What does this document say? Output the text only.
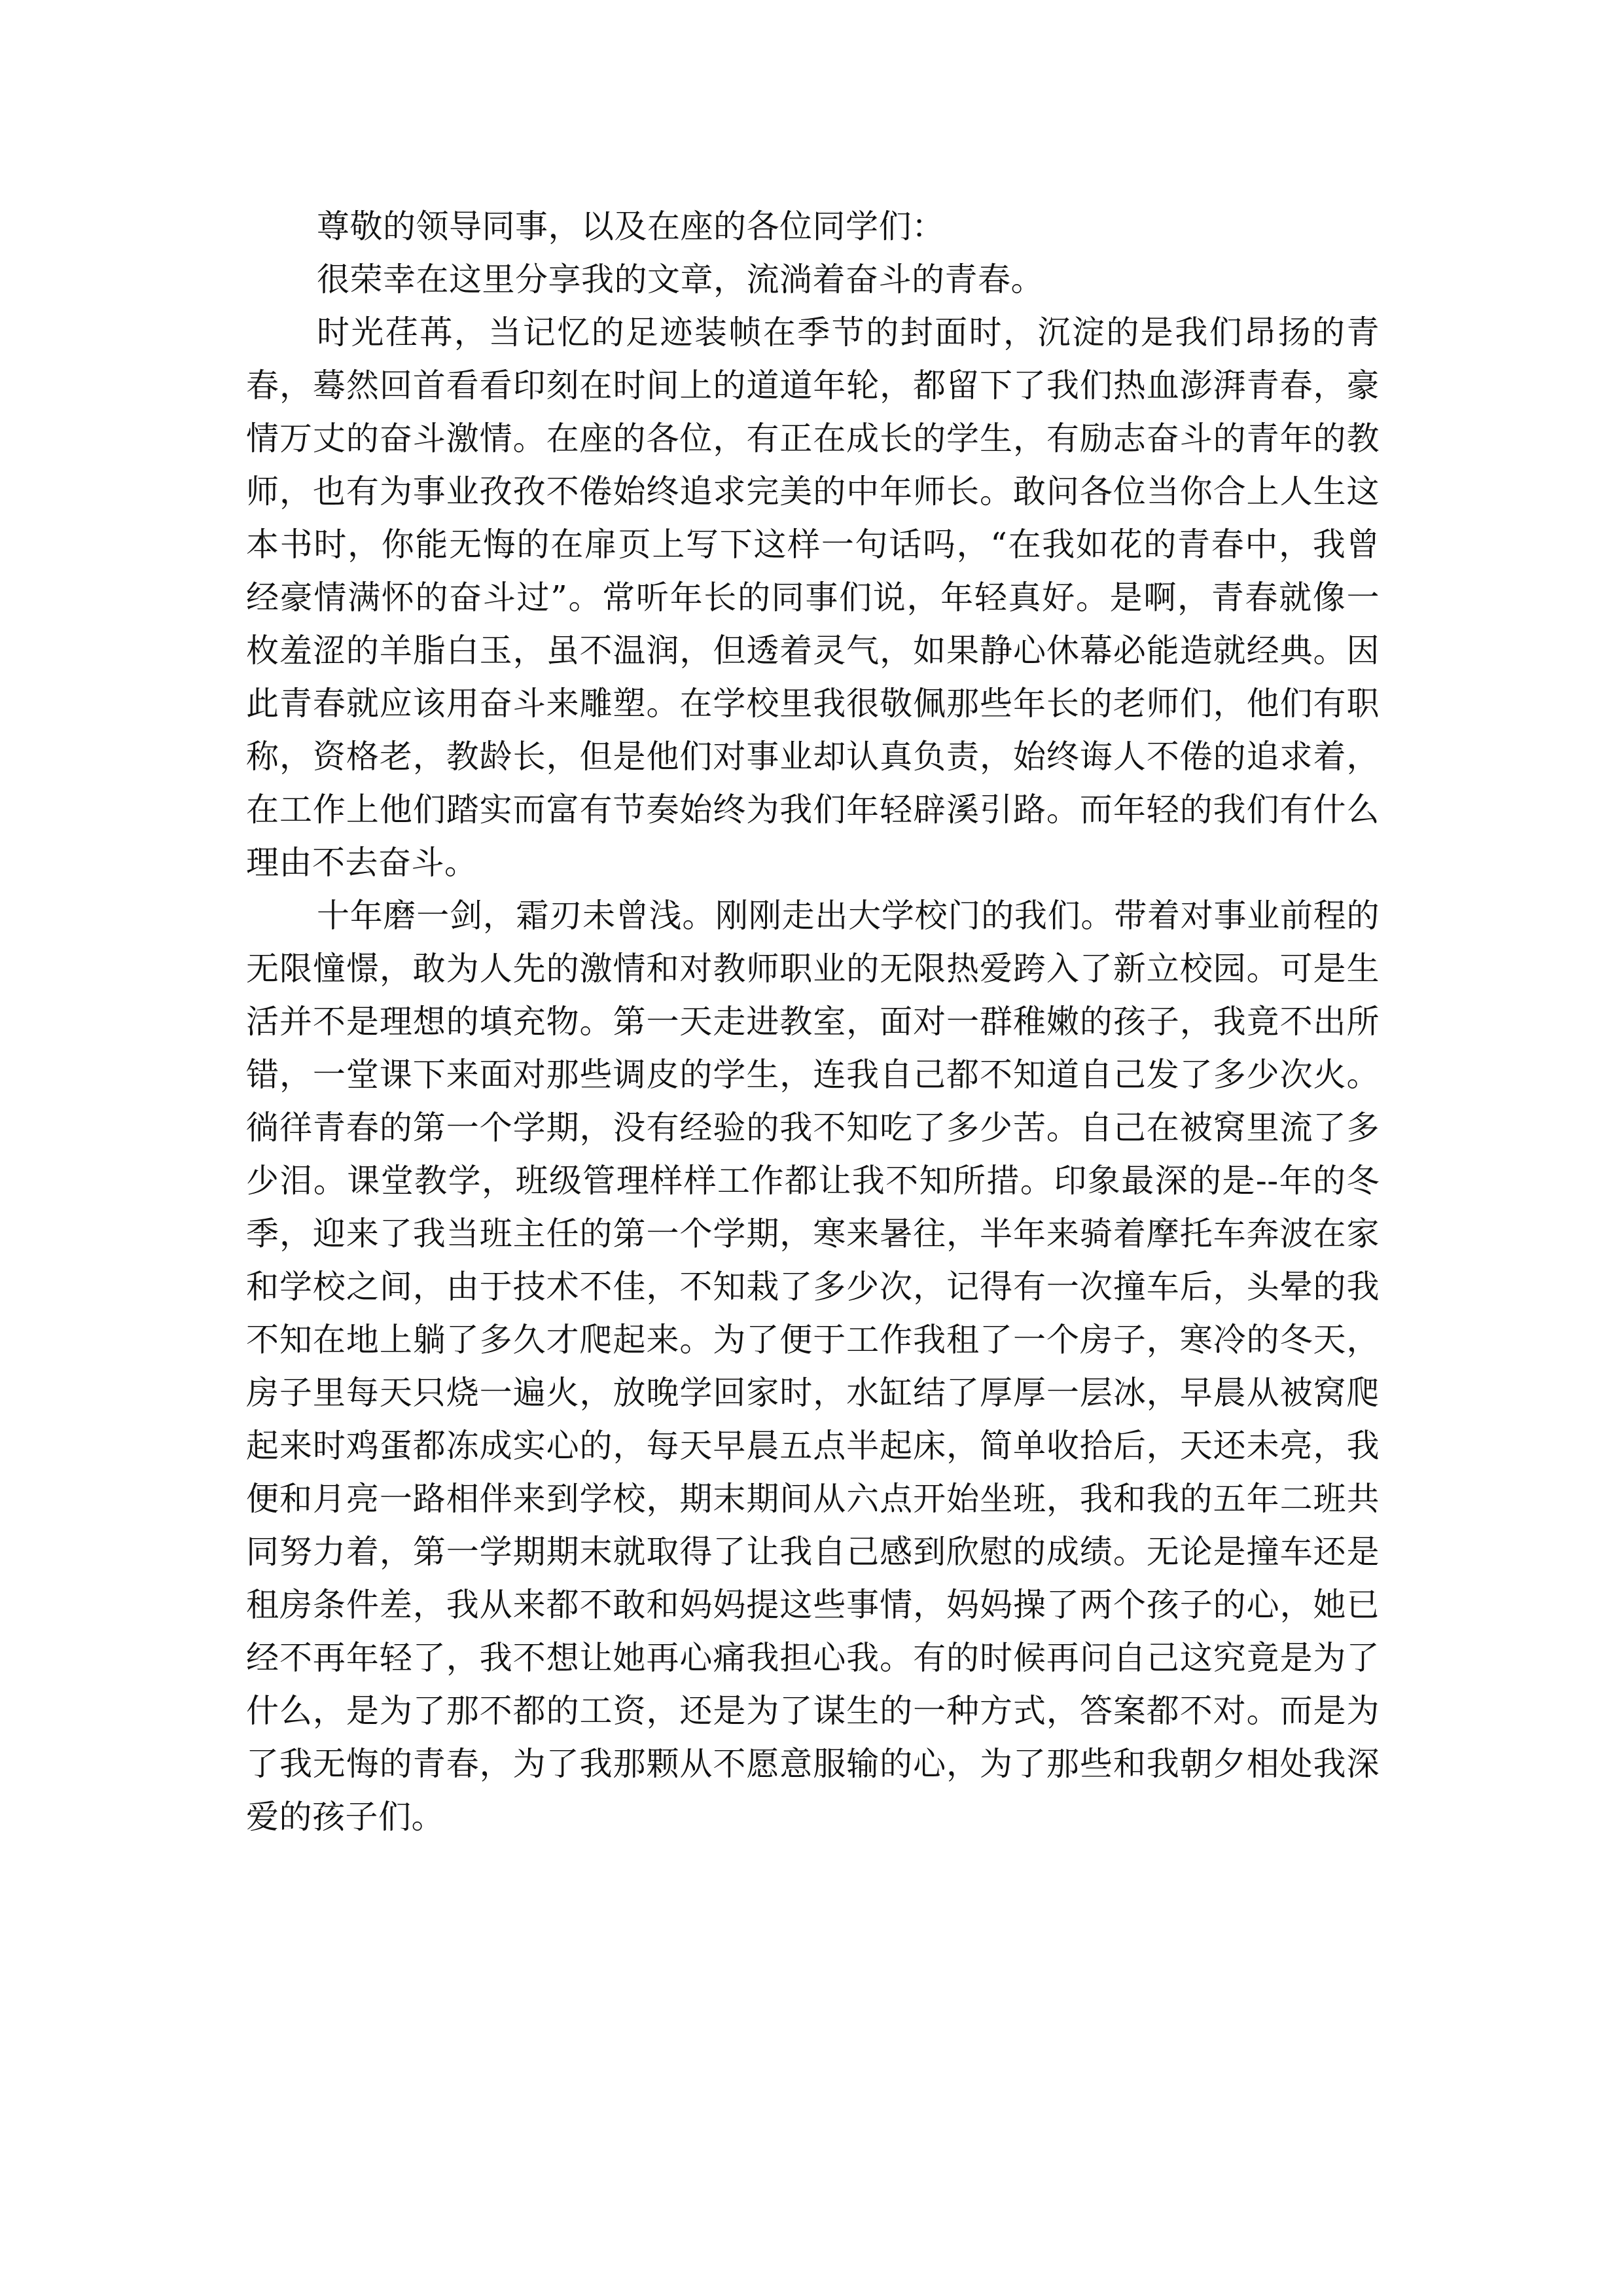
尊敬的领导同事，以及在座的各位同学们：

很荣幸在这里分享我的文章，流淌着奋斗的青春。

时光荏苒，当记忆的足迹装帧在季节的封面时，沉淀的是我们昂扬的青春，蓦然回首看看印刻在时间上的道道年轮，都留下了我们热血澎湃青春，豪情万丈的奋斗激情。在座的各位，有正在成长的学生，有励志奋斗的青年的教师，也有为事业孜孜不倦始终追求完美的中年师长。敢问各位当你合上人生这本书时，你能无悔的在扉页上写下这样一句话吗，“在我如花的青春中，我曾经豪情满怀的奋斗过”。常听年长的同事们说，年轻真好。是啊，青春就像一枚羞涩的羊脂白玉，虽不温润，但透着灵气，如果静心休幕必能造就经典。因此青春就应该用奋斗来雕塑。在学校里我很敬佩那些年长的老师们，他们有职称，资格老，教龄长，但是他们对事业却认真负责，始终诲人不倦的追求着，在工作上他们踏实而富有节奏始终为我们年轻辟溪引路。而年轻的我们有什么理由不去奋斗。

十年磨一剑，霜刃未曾浅。刚刚走出大学校门的我们。带着对事业前程的无限憧憬，敢为人先的激情和对教师职业的无限热爱跨入了新立校园。可是生活并不是理想的填充物。第一天走进教室，面对一群稚嫩的孩子，我竟不出所错，一堂课下来面对那些调皮的学生，连我自己都不知道自己发了多少次火。徜徉青春的第一个学期，没有经验的我不知吃了多少苦。自己在被窝里流了多少泪。课堂教学，班级管理样样工作都让我不知所措。印象最深的是--年的冬季，迎来了我当班主任的第一个学期，寒来暑往，半年来骑着摩托车奔波在家和学校之间，由于技术不佳，不知栽了多少次，记得有一次撞车后，头晕的我不知在地上躺了多久才爬起来。为了便于工作我租了一个房子，寒冷的冬天，房子里每天只烧一遍火，放晚学回家时，水缸结了厚厚一层冰，早晨从被窝爬起来时鸡蛋都冻成实心的，每天早晨五点半起床，简单收拾后，天还未亮，我便和月亮一路相伴来到学校，期末期间从六点开始坐班，我和我的五年二班共同努力着，第一学期期末就取得了让我自己感到欣慰的成绩。无论是撞车还是租房条件差，我从来都不敢和妈妈提这些事情，妈妈操了两个孩子的心，她已经不再年轻了，我不想让她再心痛我担心我。有的时候再问自己这究竟是为了什么，是为了那不都的工资，还是为了谋生的一种方式，答案都不对。而是为了我无悔的青春，为了我那颗从不愿意服输的心，为了那些和我朝夕相处我深爱的孩子们。
